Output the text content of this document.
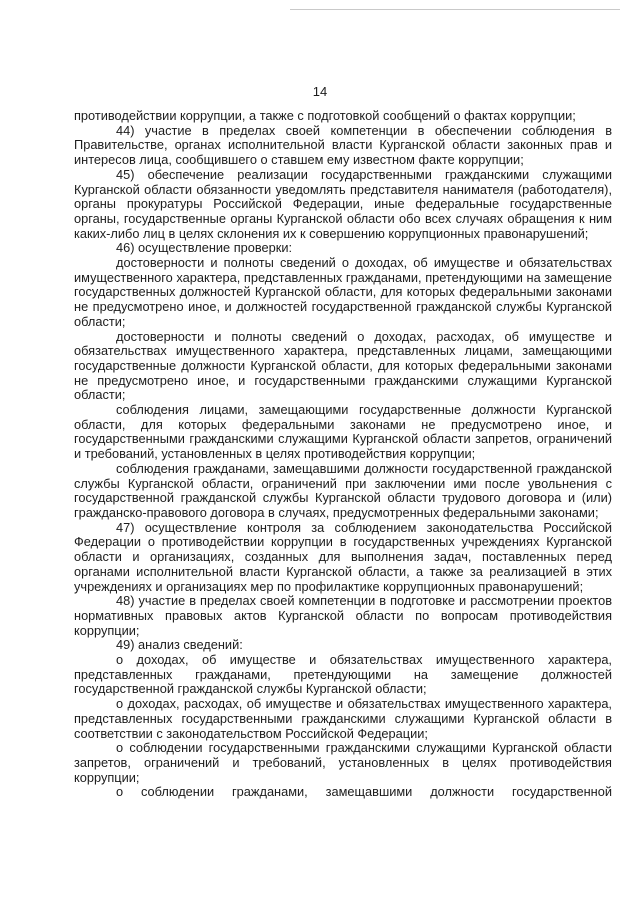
14

противодействии коррупции, а также с подготовкой сообщений о фактах коррупции;

44) участие в пределах своей компетенции в обеспечении соблюдения в Правительстве, органах исполнительной власти Курганской области законных прав и интересов лица, сообщившего о ставшем ему известном факте коррупции;

45) обеспечение реализации государственными гражданскими служащими Курганской области обязанности уведомлять представителя нанимателя (работодателя), органы прокуратуры Российской Федерации, иные федеральные государственные органы, государственные органы Курганской области обо всех случаях обращения к ним каких-либо лиц в целях склонения их к совершению коррупционных правонарушений;

46) осуществление проверки:

достоверности и полноты сведений о доходах, об имуществе и обязательствах имущественного характера, представленных гражданами, претендующими на замещение государственных должностей Курганской области, для которых федеральными законами не предусмотрено иное, и должностей государственной гражданской службы Курганской области;

достоверности и полноты сведений о доходах, расходах, об имуществе и обязательствах имущественного характера, представленных лицами, замещающими государственные должности Курганской области, для которых федеральными законами не предусмотрено иное, и государственными гражданскими служащими Курганской области;

соблюдения лицами, замещающими государственные должности Курганской области, для которых федеральными законами не предусмотрено иное, и государственными гражданскими служащими Курганской области запретов, ограничений и требований, установленных в целях противодействия коррупции;

соблюдения гражданами, замещавшими должности государственной гражданской службы Курганской области, ограничений при заключении ими после увольнения с государственной гражданской службы Курганской области трудового договора и (или) гражданско-правового договора в случаях, предусмотренных федеральными законами;

47) осуществление контроля за соблюдением законодательства Российской Федерации о противодействии коррупции в государственных учреждениях Курганской области и организациях, созданных для выполнения задач, поставленных перед органами исполнительной власти Курганской области, а также за реализацией в этих учреждениях и организациях мер по профилактике коррупционных правонарушений;

48) участие в пределах своей компетенции в подготовке и рассмотрении проектов нормативных правовых актов Курганской области по вопросам противодействия коррупции;

49) анализ сведений:

о доходах, об имуществе и обязательствах имущественного характера, представленных гражданами, претендующими на замещение должностей государственной гражданской службы Курганской области;

о доходах, расходах, об имуществе и обязательствах имущественного характера, представленных государственными гражданскими служащими Курганской области в соответствии с законодательством Российской Федерации;

о соблюдении государственными гражданскими служащими Курганской области запретов, ограничений и требований, установленных в целях противодействия коррупции;

о соблюдении гражданами, замещавшими должности государственной
